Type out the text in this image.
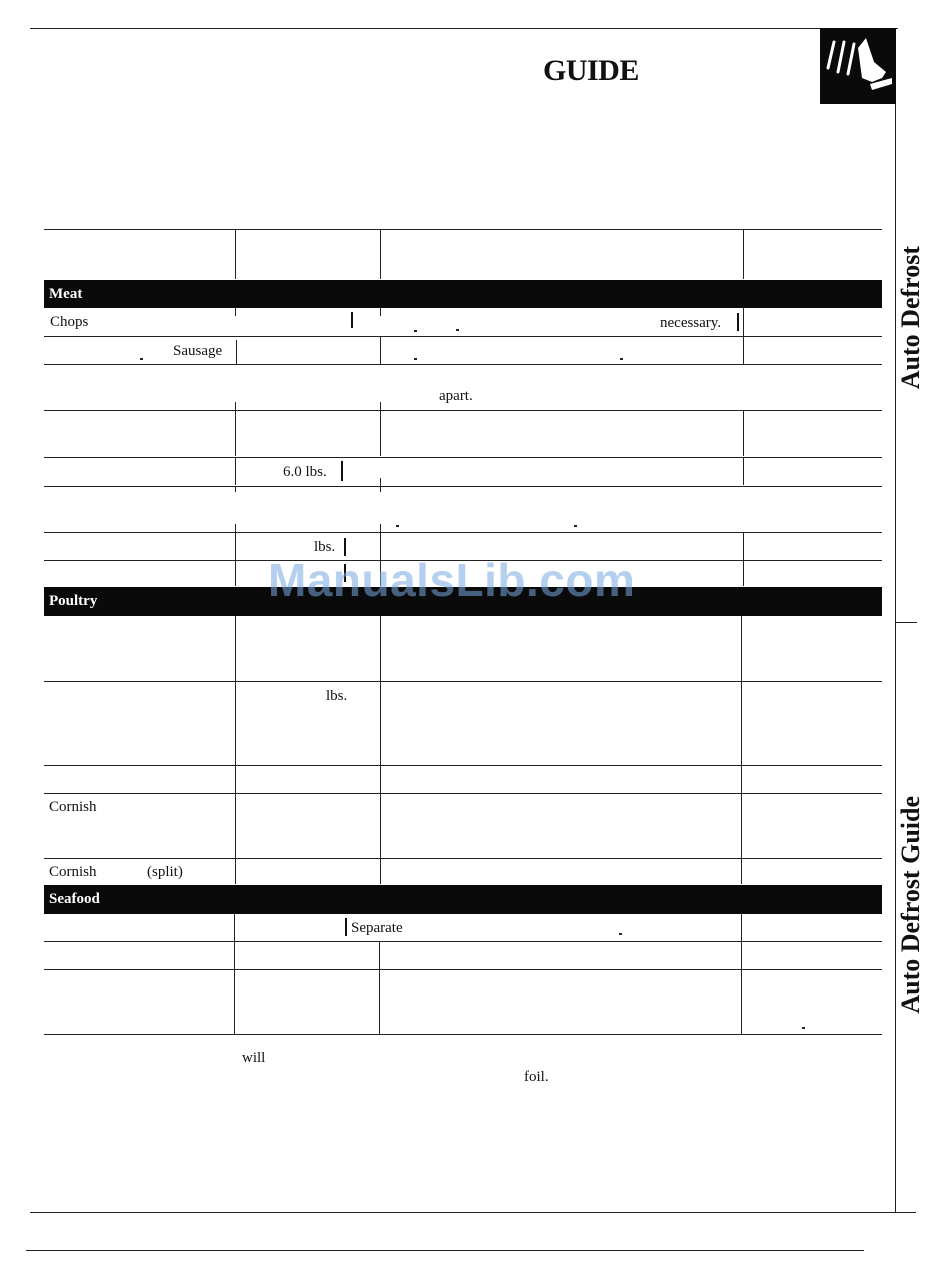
GUIDE
Auto Defrost
Auto Defrost Guide
Meat
Chops	necessary.
Sausage
apart.
6.0 lbs.
lbs.
Poultry
lbs.
Cornish
Cornish	(split)
Seafood
Separate
will
foil.
ManualsLib.com
